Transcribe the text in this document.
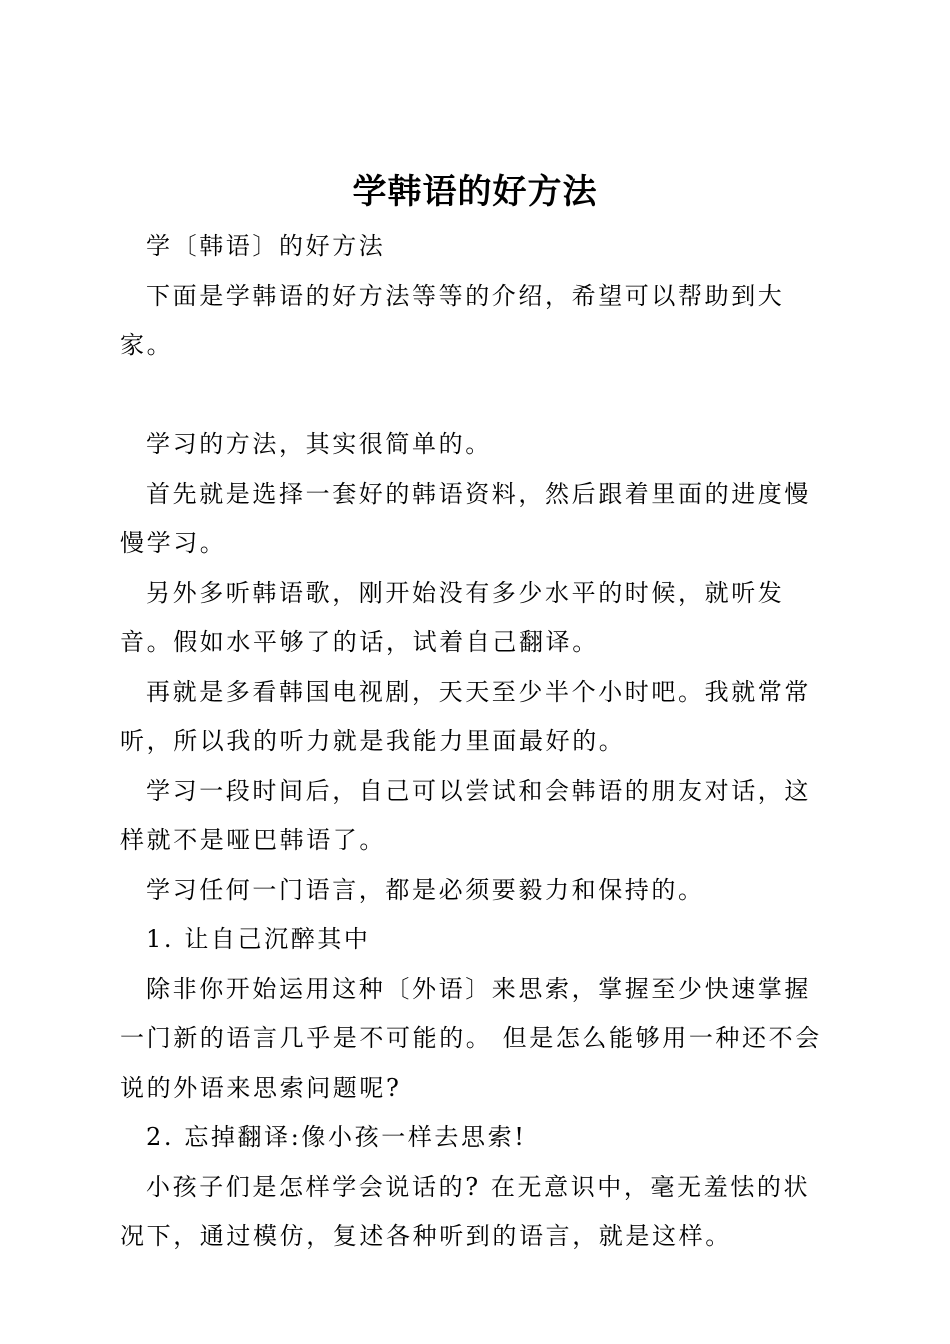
学韩语的好方法

学〔韩语〕的好方法

下面是学韩语的好方法等等的介绍，希望可以帮助到大家。

学习的方法，其实很简单的。

首先就是选择一套好的韩语资料，然后跟着里面的进度慢慢学习。

另外多听韩语歌，刚开始没有多少水平的时候，就听发音。假如水平够了的话，试着自己翻译。

再就是多看韩国电视剧，天天至少半个小时吧。我就常常听，所以我的听力就是我能力里面最好的。

学习一段时间后，自己可以尝试和会韩语的朋友对话，这样就不是哑巴韩语了。

学习任何一门语言，都是必须要毅力和保持的。

1. 让自己沉醉其中

除非你开始运用这种〔外语〕来思索，掌握至少快速掌握一门新的语言几乎是不可能的。 但是怎么能够用一种还不会说的外语来思索问题呢?

2. 忘掉翻译:像小孩一样去思索!

小孩子们是怎样学会说话的? 在无意识中，毫无羞怯的状况下，通过模仿，复述各种听到的语言，就是这样。
